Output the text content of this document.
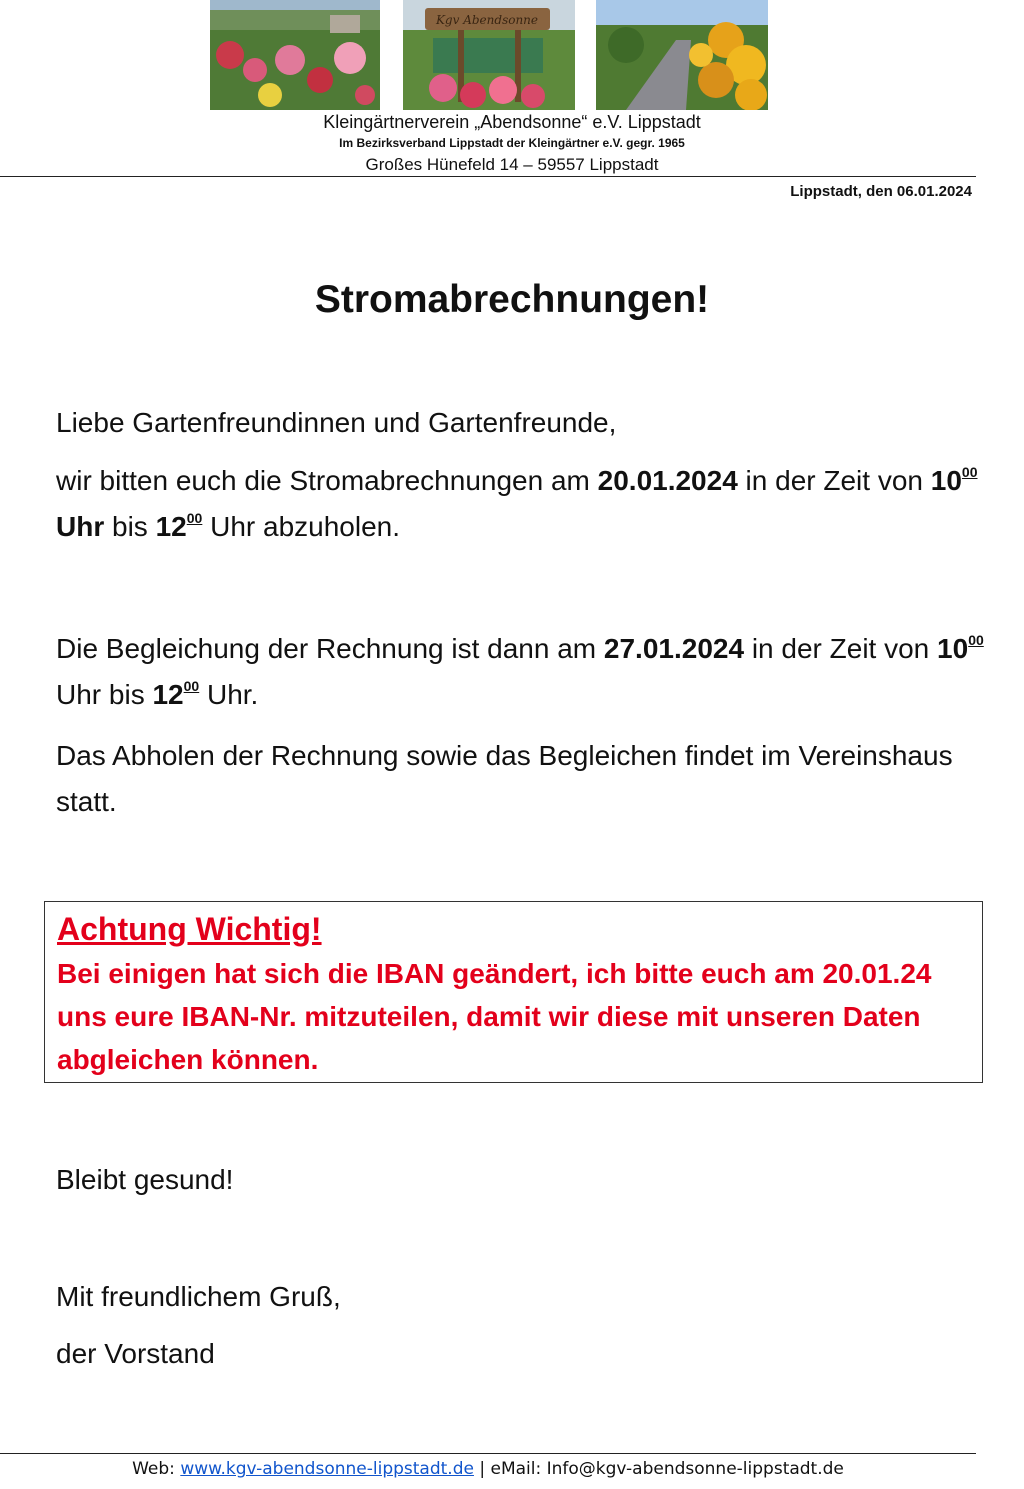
Kgv Abendsonne

Kleingärtnerverein „Abendsonne“ e.V. Lippstadt

Im Bezirksverband Lippstadt der Kleingärtner e.V. gegr. 1965

Großes Hünefeld 14 – 59557 Lippstadt

Lippstadt, den 06.01.2024

Stromabrechnungen!

Liebe Gartenfreundinnen und Gartenfreunde,

wir bitten euch die Stromabrechnungen am 20.01.2024 in der Zeit von $10^{00}$ Uhr bis $12^{00}$ Uhr abzuholen.

Die Begleichung der Rechnung ist dann am 27.01.2024 in der Zeit von $10^{00}$ Uhr bis $12^{00}$ Uhr.

Das Abholen der Rechnung sowie das Begleichen findet im Vereinshaus statt.

Achtung Wichtig!

Bei einigen hat sich die IBAN geändert, ich bitte euch am 20.01.24 uns eure IBAN-Nr. mitzuteilen, damit wir diese mit unseren Daten abgleichen können.

Bleibt gesund!

Mit freundlichem Gruß,

der Vorstand

Web: www.kgv-abendsonne-lippstadt.de | eMail: Info@kgv-abendsonne-lippstadt.de
